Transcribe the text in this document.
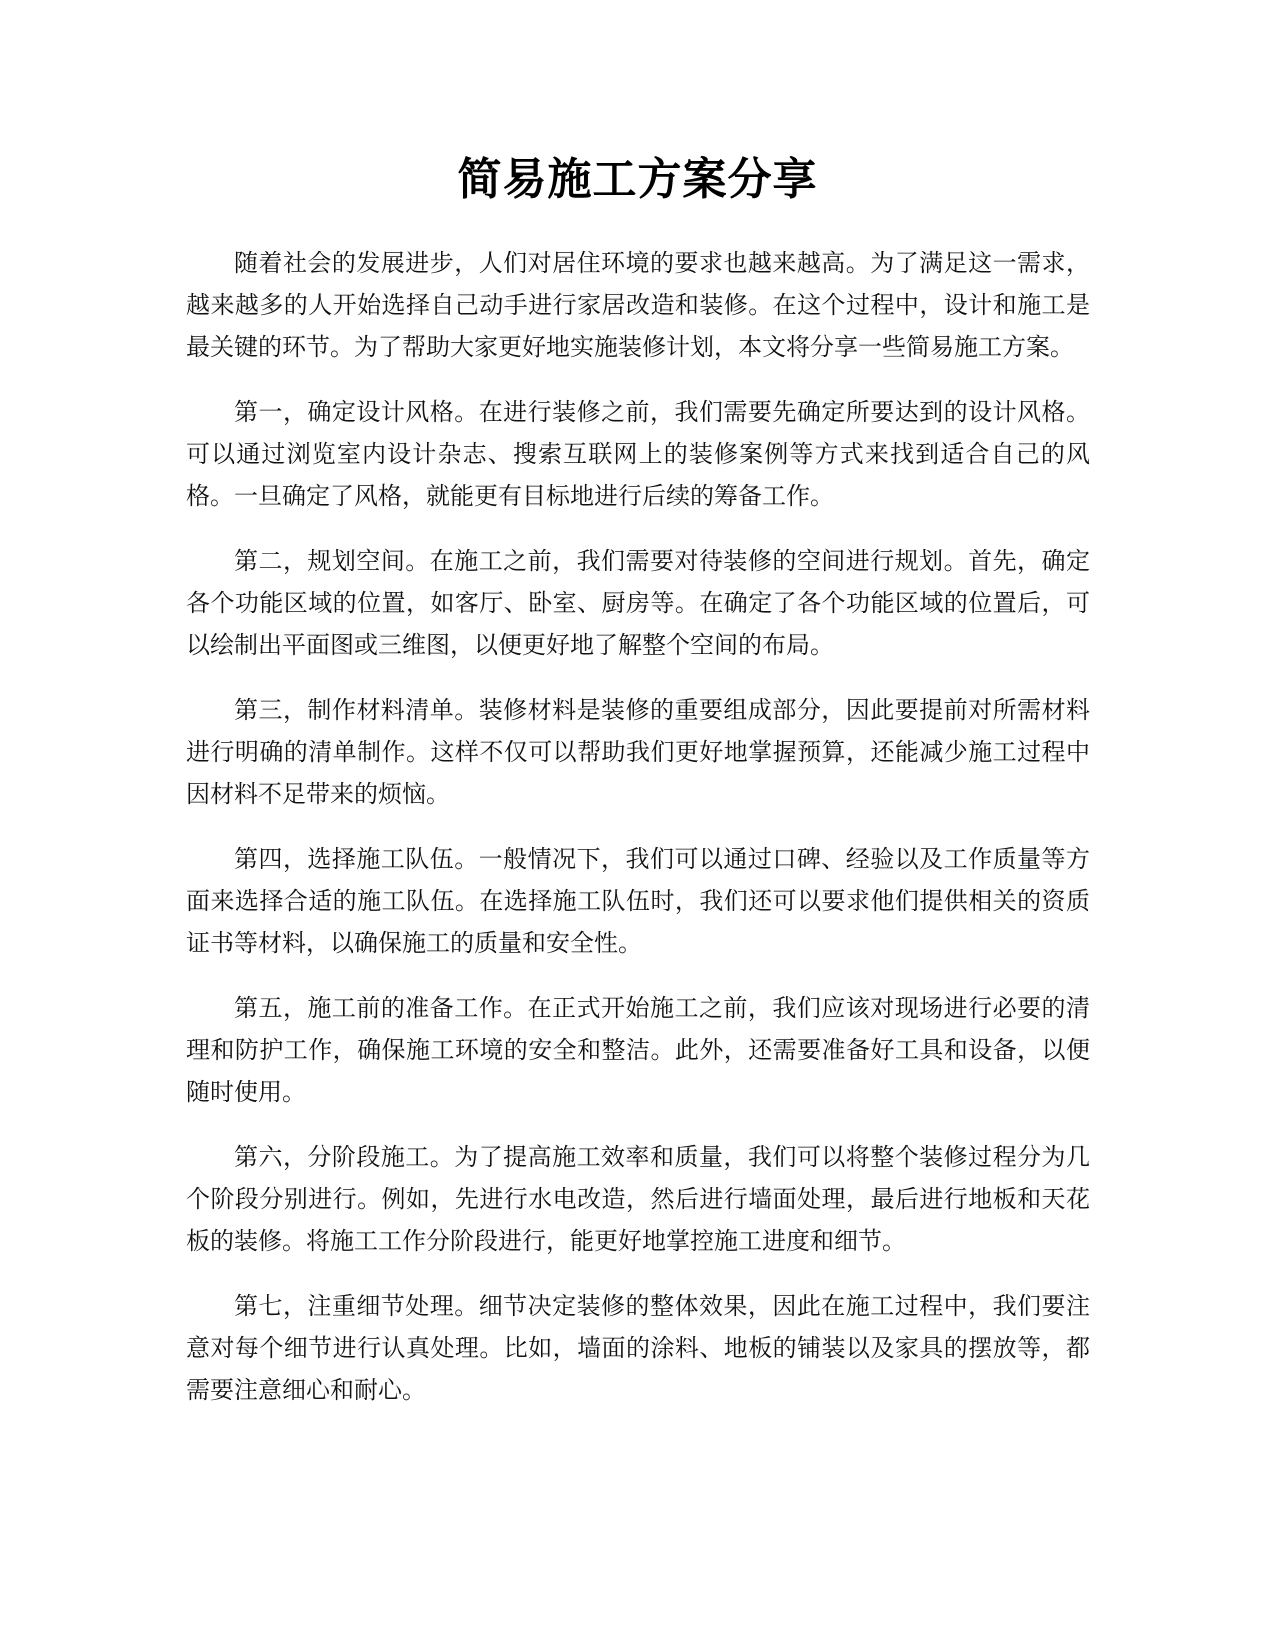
简易施工方案分享

随着社会的发展进步，人们对居住环境的要求也越来越高。为了满足这一需求，越来越多的人开始选择自己动手进行家居改造和装修。在这个过程中，设计和施工是最关键的环节。为了帮助大家更好地实施装修计划，本文将分享一些简易施工方案。

第一，确定设计风格。在进行装修之前，我们需要先确定所要达到的设计风格。可以通过浏览室内设计杂志、搜索互联网上的装修案例等方式来找到适合自己的风格。一旦确定了风格，就能更有目标地进行后续的筹备工作。

第二，规划空间。在施工之前，我们需要对待装修的空间进行规划。首先，确定各个功能区域的位置，如客厅、卧室、厨房等。在确定了各个功能区域的位置后，可以绘制出平面图或三维图，以便更好地了解整个空间的布局。

第三，制作材料清单。装修材料是装修的重要组成部分，因此要提前对所需材料进行明确的清单制作。这样不仅可以帮助我们更好地掌握预算，还能减少施工过程中因材料不足带来的烦恼。

第四，选择施工队伍。一般情况下，我们可以通过口碑、经验以及工作质量等方面来选择合适的施工队伍。在选择施工队伍时，我们还可以要求他们提供相关的资质证书等材料，以确保施工的质量和安全性。

第五，施工前的准备工作。在正式开始施工之前，我们应该对现场进行必要的清理和防护工作，确保施工环境的安全和整洁。此外，还需要准备好工具和设备，以便随时使用。

第六，分阶段施工。为了提高施工效率和质量，我们可以将整个装修过程分为几个阶段分别进行。例如，先进行水电改造，然后进行墙面处理，最后进行地板和天花板的装修。将施工工作分阶段进行，能更好地掌控施工进度和细节。

第七，注重细节处理。细节决定装修的整体效果，因此在施工过程中，我们要注意对每个细节进行认真处理。比如，墙面的涂料、地板的铺装以及家具的摆放等，都需要注意细心和耐心。
